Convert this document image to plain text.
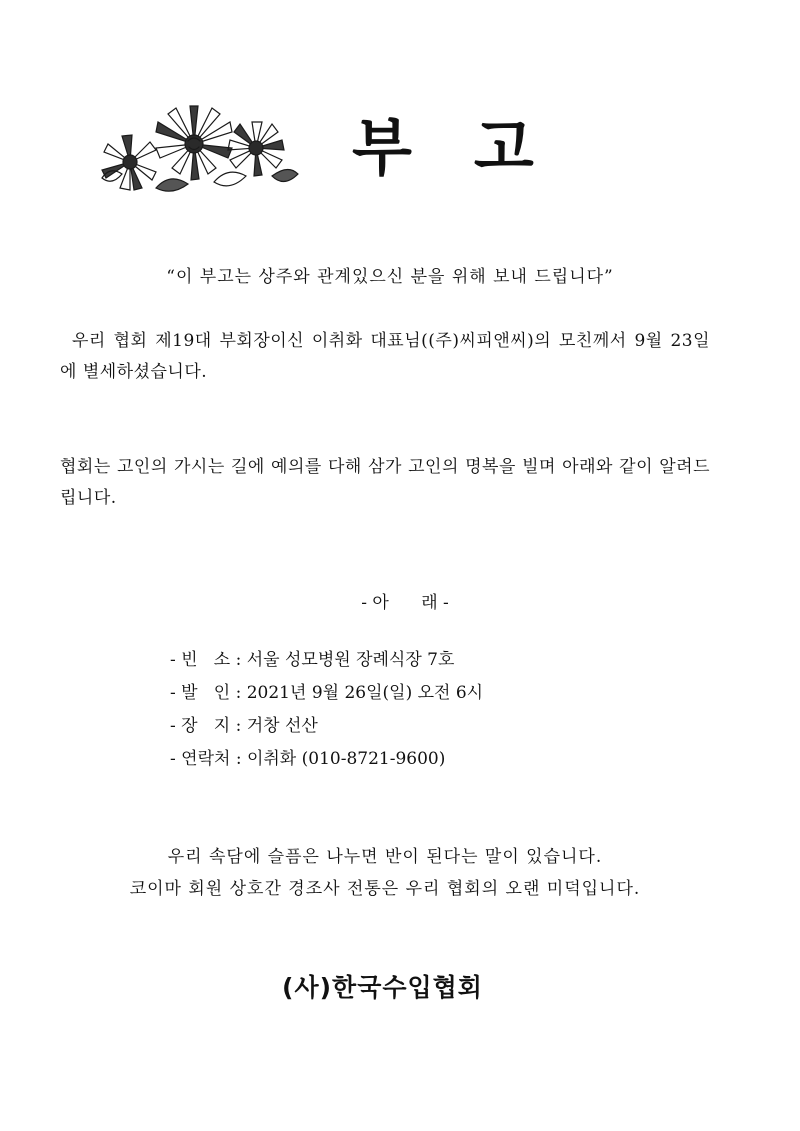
부고
“이 부고는 상주와 관계있으신 분을 위해 보내 드립니다”
우리 협회 제19대 부회장이신 이취화 대표님((주)씨피앤씨)의 모친께서 9월 23일에 별세하셨습니다.
협회는 고인의 가시는 길에 예의를 다해 삼가 고인의 명복을 빌며 아래와 같이 알려드립니다.
- 아      래 -
- 빈   소 : 서울 성모병원 장례식장 7호
- 발   인 : 2021년 9월 26일(일) 오전 6시
- 장   지 : 거창 선산
- 연락처 : 이취화 (010-8721-9600)
우리 속담에 슬픔은 나누면 반이 된다는 말이 있습니다.
코이마 회원 상호간 경조사 전통은 우리 협회의 오랜 미덕입니다.
(사)한국수입협회
